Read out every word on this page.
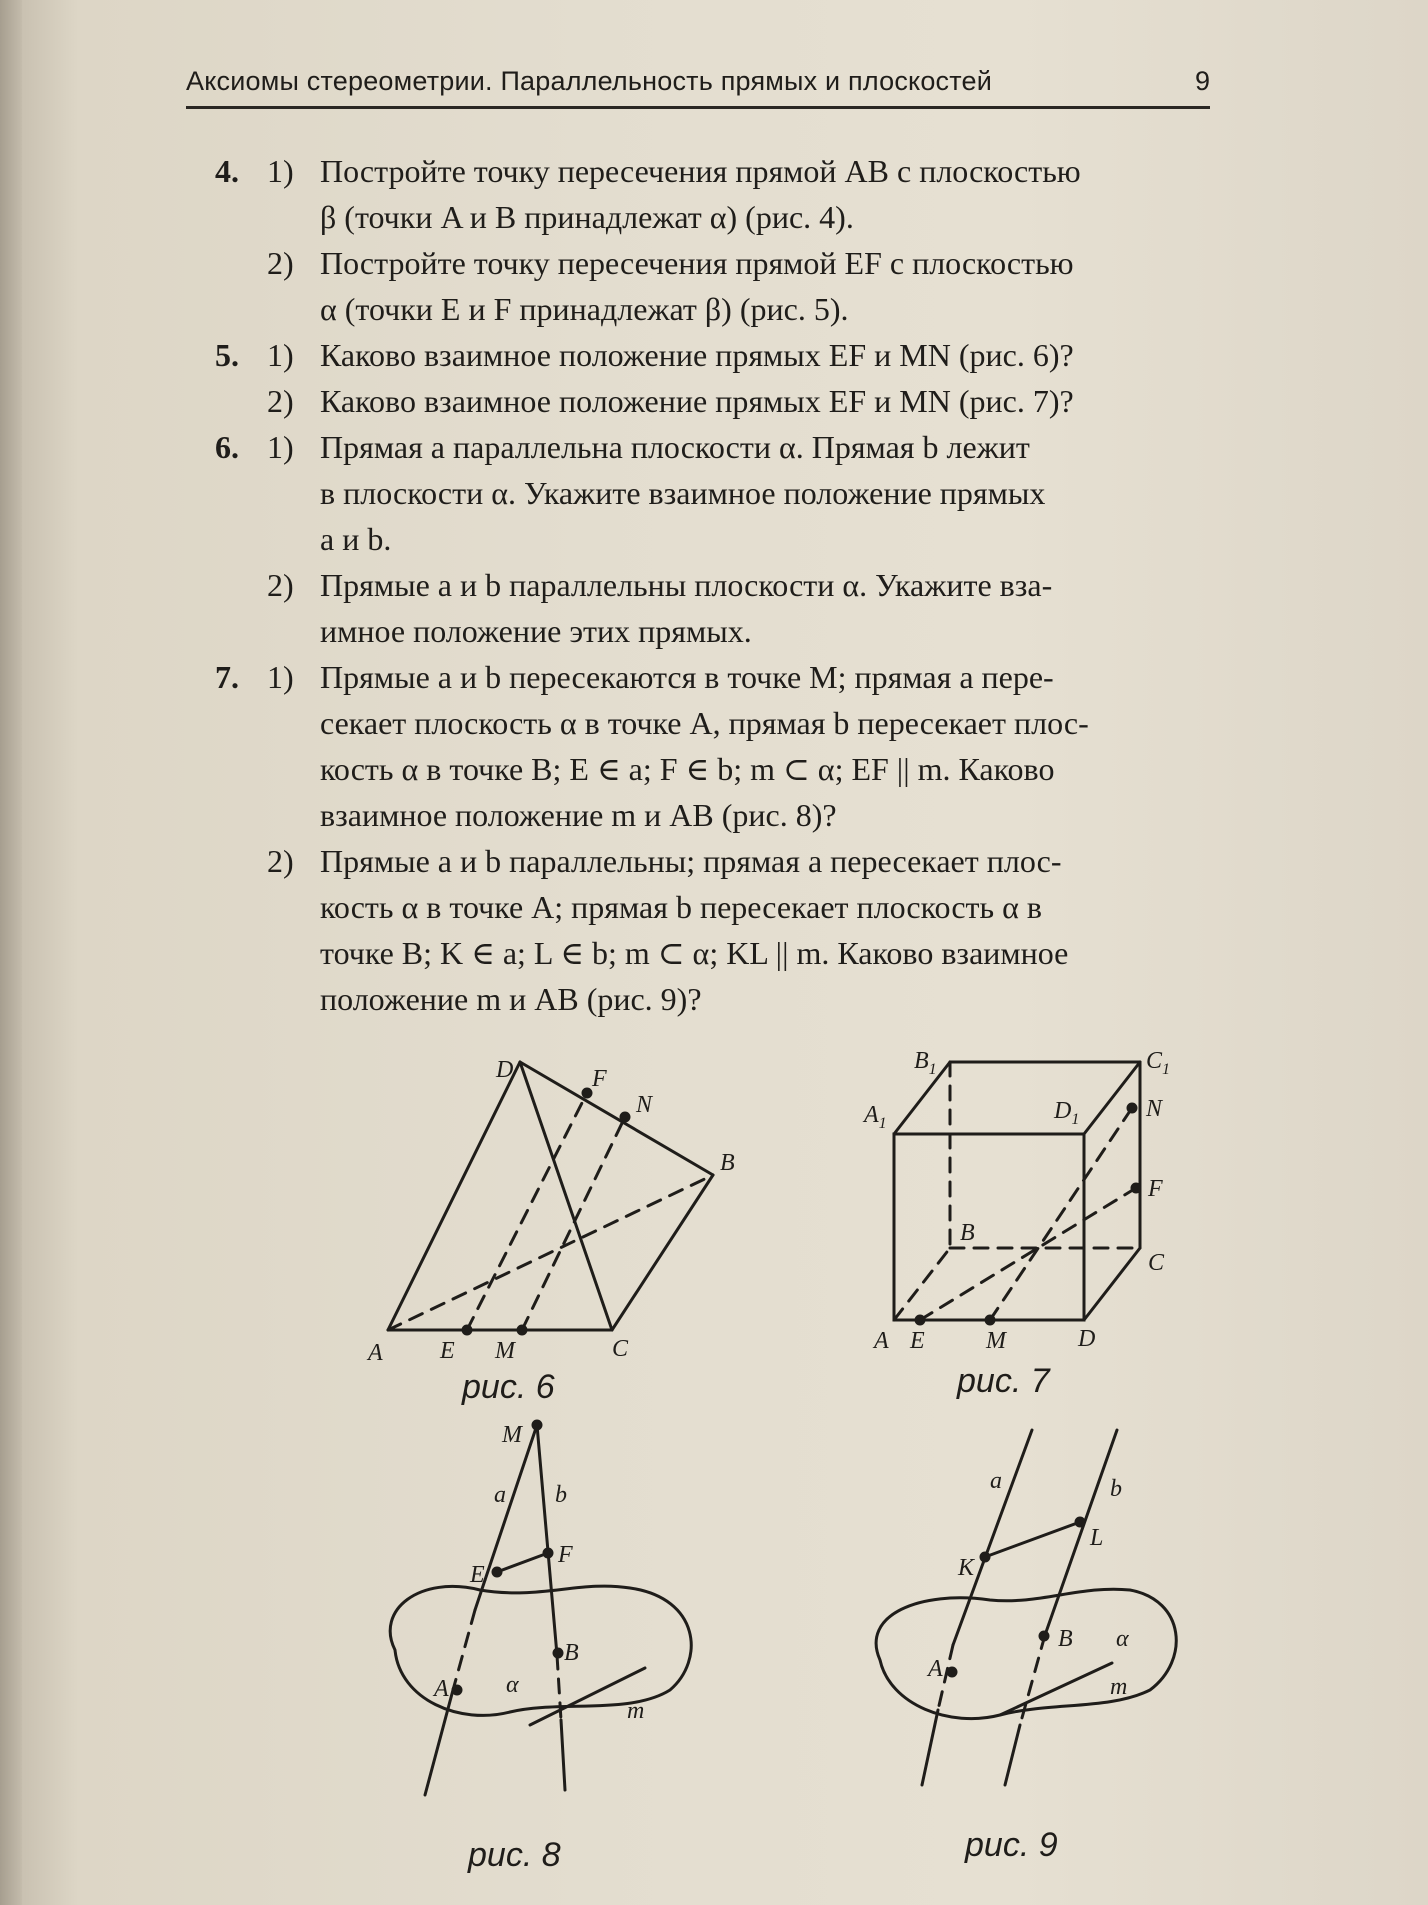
Аксиомы стереометрии. Параллельность прямых и плоскостей	9
4. 1) Постройте точку пересечения прямой AB с плоскостью
β (точки A и B принадлежат α) (рис. 4).
2) Постройте точку пересечения прямой EF с плоскостью
α (точки E и F принадлежат β) (рис. 5).
5. 1) Каково взаимное положение прямых EF и MN (рис. 6)?
2) Каково взаимное положение прямых EF и MN (рис. 7)?
6. 1) Прямая a параллельна плоскости α. Прямая b лежит
в плоскости α. Укажите взаимное положение прямых
a и b.
2) Прямые a и b параллельны плоскости α. Укажите вза-
имное положение этих прямых.
7. 1) Прямые a и b пересекаются в точке M; прямая a пере-
секает плоскость α в точке A, прямая b пересекает плос-
кость α в точке B; E ∈ a; F ∈ b; m ⊂ α; EF || m. Каково
взаимное положение m и AB (рис. 8)?
2) Прямые a и b параллельны; прямая a пересекает плос-
кость α в точке A; прямая b пересекает плоскость α в
точке B; K ∈ a; L ∈ b; m ⊂ α; KL || m. Каково взаимное
положение m и AB (рис. 9)?
D	F
N
B
A E M	C
рис. 6
$B_1$	$C_1$
$A_1$	$D_1$	N
F
B
C
A E	M	D
рис. 7
M
a b
E
F
B
A α
m
рис. 8
a	b
L
K
B α
A
m
рис. 9
